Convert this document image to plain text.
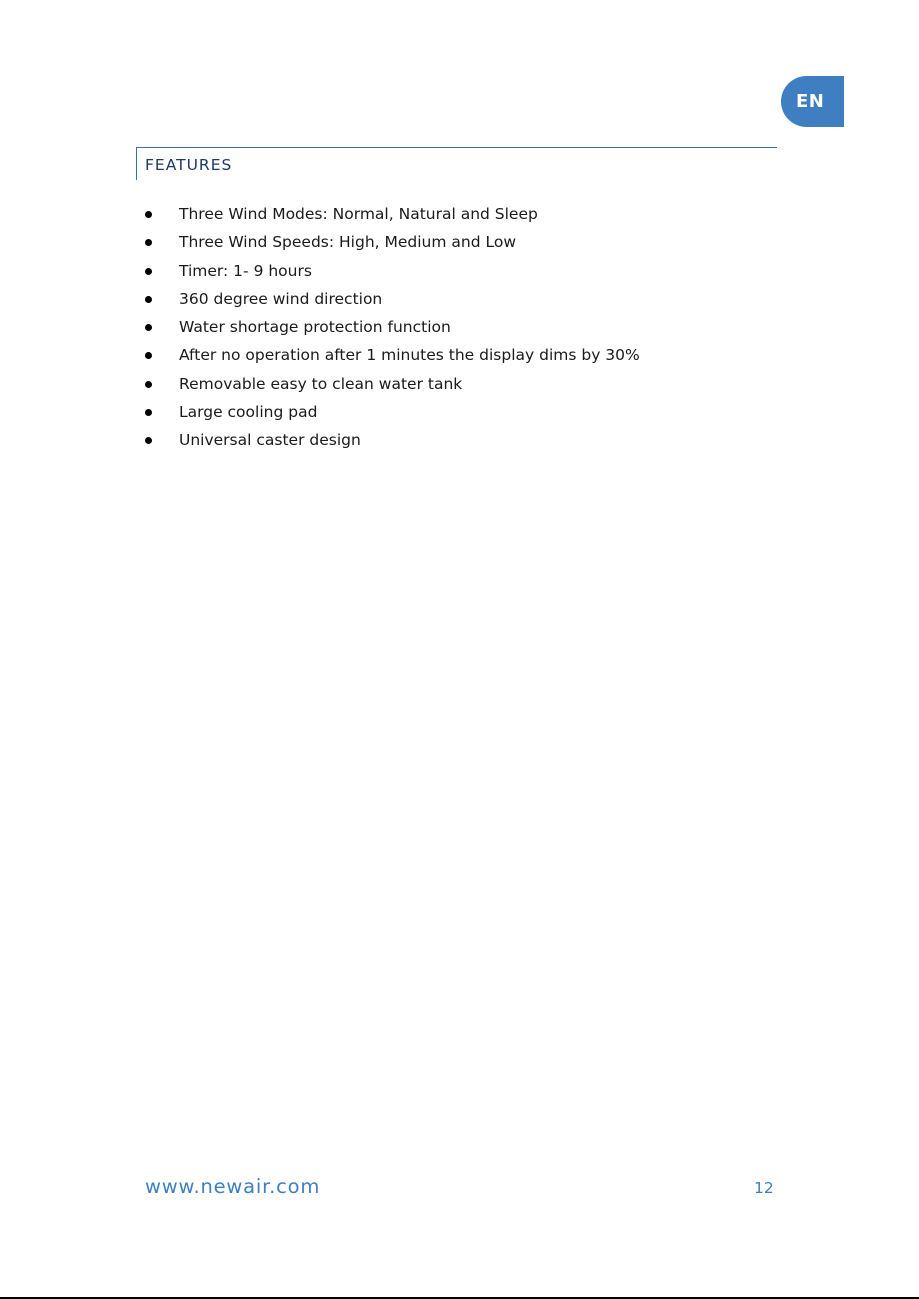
EN
FEATURES
Three Wind Modes: Normal, Natural and Sleep
Three Wind Speeds: High, Medium and Low
Timer: 1- 9 hours
360 degree wind direction
Water shortage protection function
After no operation after 1 minutes the display dims by 30%
Removable easy to clean water tank
Large cooling pad
Universal caster design
www.newair.com	12
